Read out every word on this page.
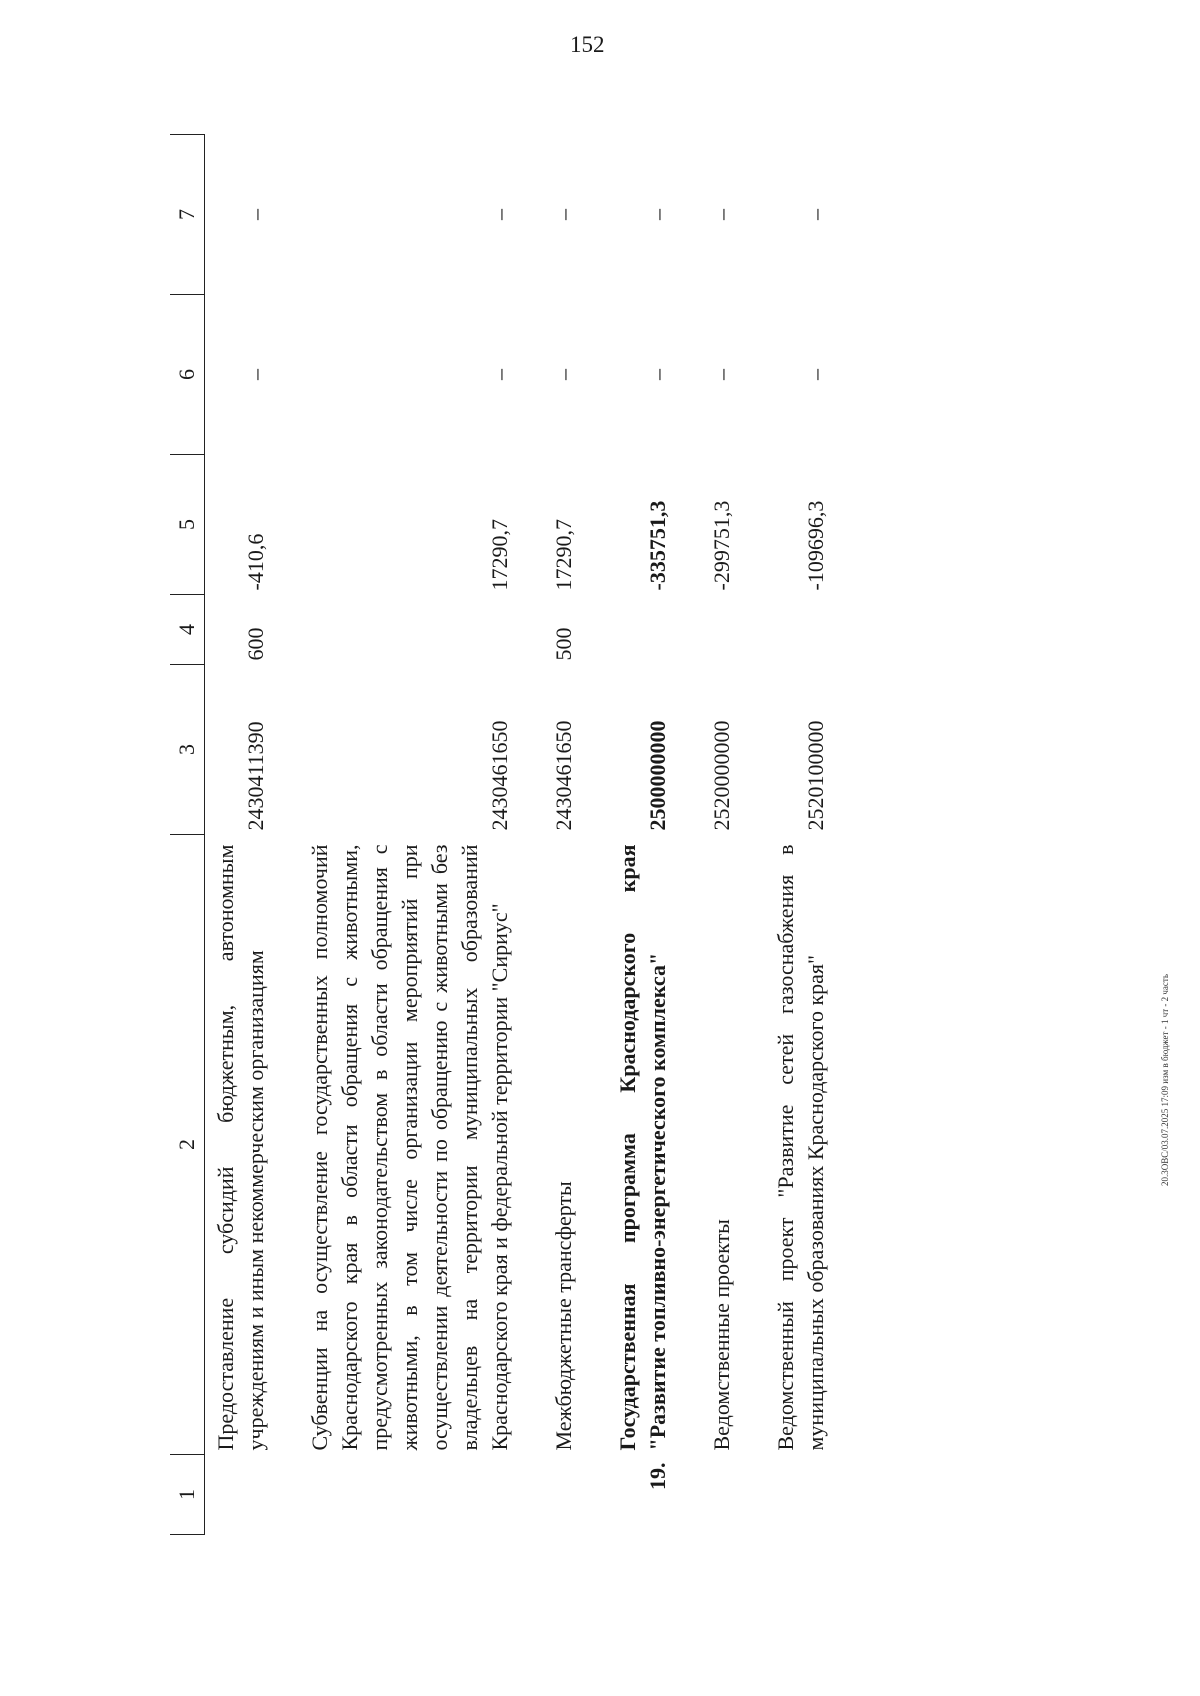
152
1	2	3	4	5	6	7
	Предоставление субсидий бюджетным, автономным учреждениям и иным некоммерческим организациям	2430411390	600	-410,6	–	–
	Субвенции на осуществление государственных полномочий Краснодарского края в области обращения с животными, предусмотренных законодательством в области обращения с животными, в том числе организации мероприятий при осуществлении деятельности по обращению с животными без владельцев на территории муниципальных образований Краснодарского края и федеральной территории "Сириус"	2430461650		17290,7	–	–
	Межбюджетные трансферты	2430461650	500	17290,7	–	–
19.	Государственная программа Краснодарского края "Развитие топливно-энергетического комплекса"	2500000000		-335751,3	–	–
	Ведомственные проекты	2520000000		-299751,3	–	–
	Ведомственный проект "Развитие сетей газоснабжения в муниципальных образованиях Краснодарского края"	2520100000		-109696,3	–	–
20.3ОВС/03.07.2025 17:09 изм в бюджет - 1 чт - 2 часть
